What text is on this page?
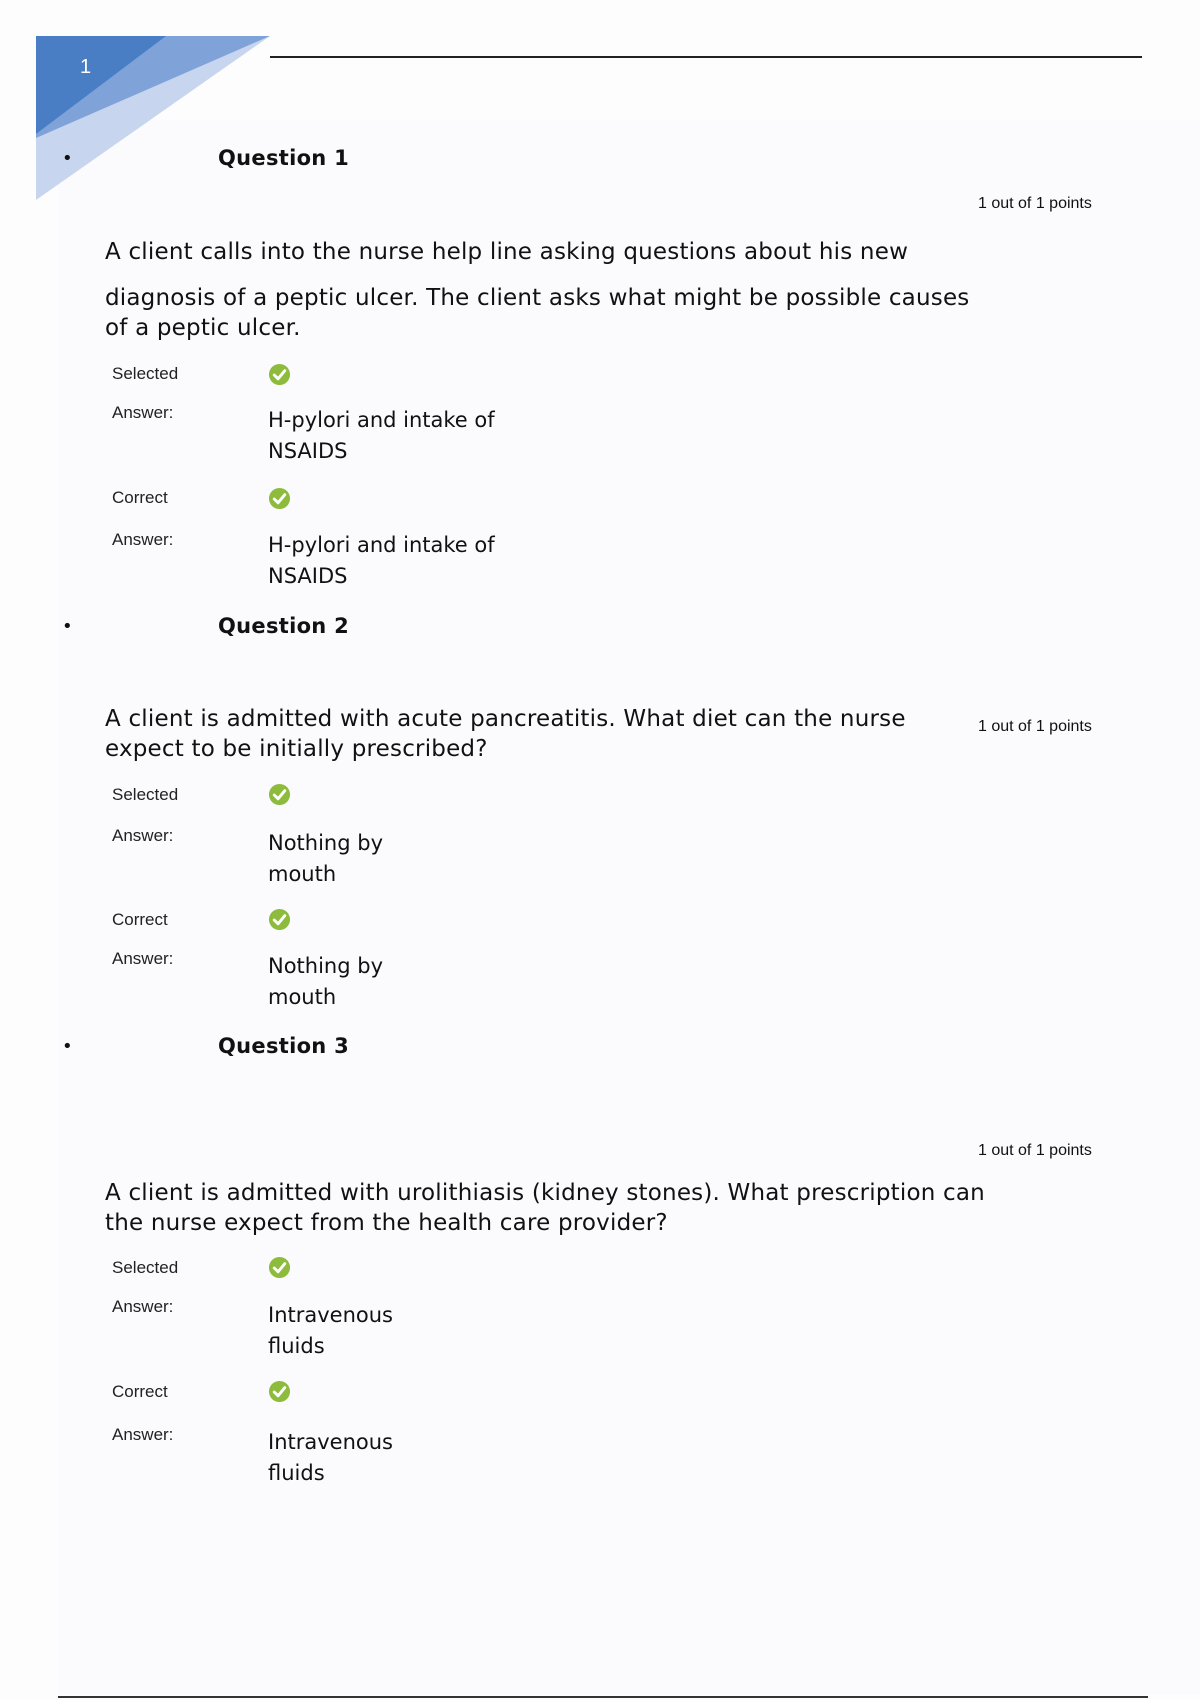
1
•	Question 1
1 out of 1 points
A client calls into the nurse help line asking questions about his new
diagnosis of a peptic ulcer. The client asks what might be possible causes
of a peptic ulcer.
Selected
Answer:	H-pylori and intake of
NSAIDS
Correct
Answer:	H-pylori and intake of
NSAIDS
•	Question 2
1 out of 1 points
A client is admitted with acute pancreatitis. What diet can the nurse
expect to be initially prescribed?
Selected
Answer:	Nothing by
mouth
Correct
Answer:	Nothing by
mouth
•	Question 3
1 out of 1 points
A client is admitted with urolithiasis (kidney stones). What prescription can
the nurse expect from the health care provider?
Selected
Answer:	Intravenous
fluids
Correct
Answer:	Intravenous
fluids
